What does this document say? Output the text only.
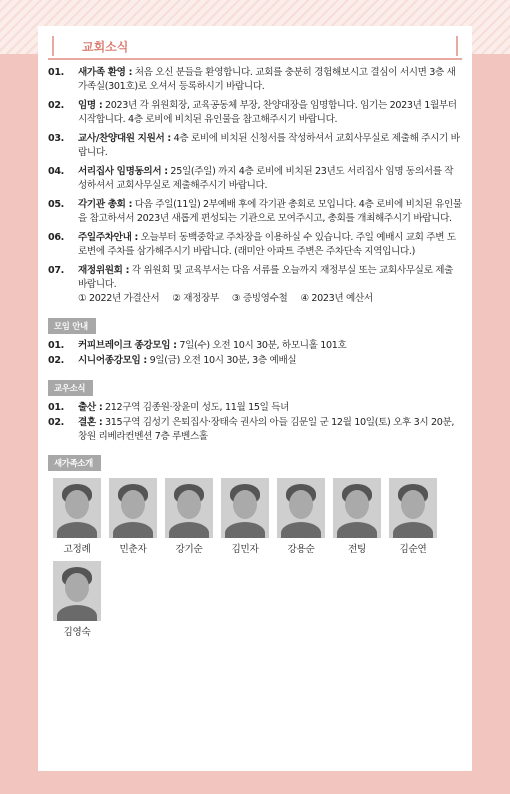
교회소식
01. 새가족 환영 : 처음 오신 분들을 환영합니다. 교회를 충분히 경험해보시고 결심이 서시면 3층 새가족실(301호)로 오셔서 등록하시기 바랍니다.
02. 임명 : 2023년 각 위원회장, 교육공동체 부장, 찬양대장을 임명합니다. 임기는 2023년 1월부터 시작합니다. 4층 로비에 비치된 유인물을 참고해주시기 바랍니다.
03. 교사/찬양대원 지원서 : 4층 로비에 비치된 신청서를 작성하셔서 교회사무실로 제출해 주시기 바랍니다.
04. 서리집사 임명동의서 : 25일(주일) 까지 4층 로비에 비치된 23년도 서리집사 임명 동의서를 작성하셔서 교회사무실로 제출해주시기 바랍니다.
05. 각기관 총회 : 다음 주일(11일) 2부예배 후에 각기관 총회로 모입니다. 4층 로비에 비치된 유인물을 참고하셔서 2023년 새롭게 편성되는 기관으로 모여주시고, 총회를 개최해주시기 바랍니다.
06. 주일주차안내 : 오늘부터 동백중학교 주차장을 이용하실 수 있습니다. 주일 예배시 교회 주변 도로변에 주차를 삼가해주시기 바랍니다. (래미안 아파트 주변은 주차단속 지역입니다.)
07. 재정위원회 : 각 위원회 및 교육부서는 다음 서류를 오늘까지 재정부실 또는 교회사무실로 제출 바랍니다.
① 2022년 가결산서 ② 재정장부 ③ 증빙영수철 ④ 2023년 예산서
모임 안내
01. 커피브레이크 종강모임 : 7일(수) 오전 10시 30분, 하모니홀 101호
02. 시니어종강모임 : 9일(금) 오전 10시 30분, 3층 예배실
교우소식
01. 출산 : 212구역 김종원·장윤미 성도, 11월 15일 득녀
02. 결혼 : 315구역 김성기 은퇴집사·장태숙 권사의 아들 김문일 군 12월 10일(토) 오후 3시 20분, 창원 리베라컨벤션 7층 루벤스홀
새가족소개
고정례	민춘자	강기순	김민자	강용순	전팅	김순연
김영숙
